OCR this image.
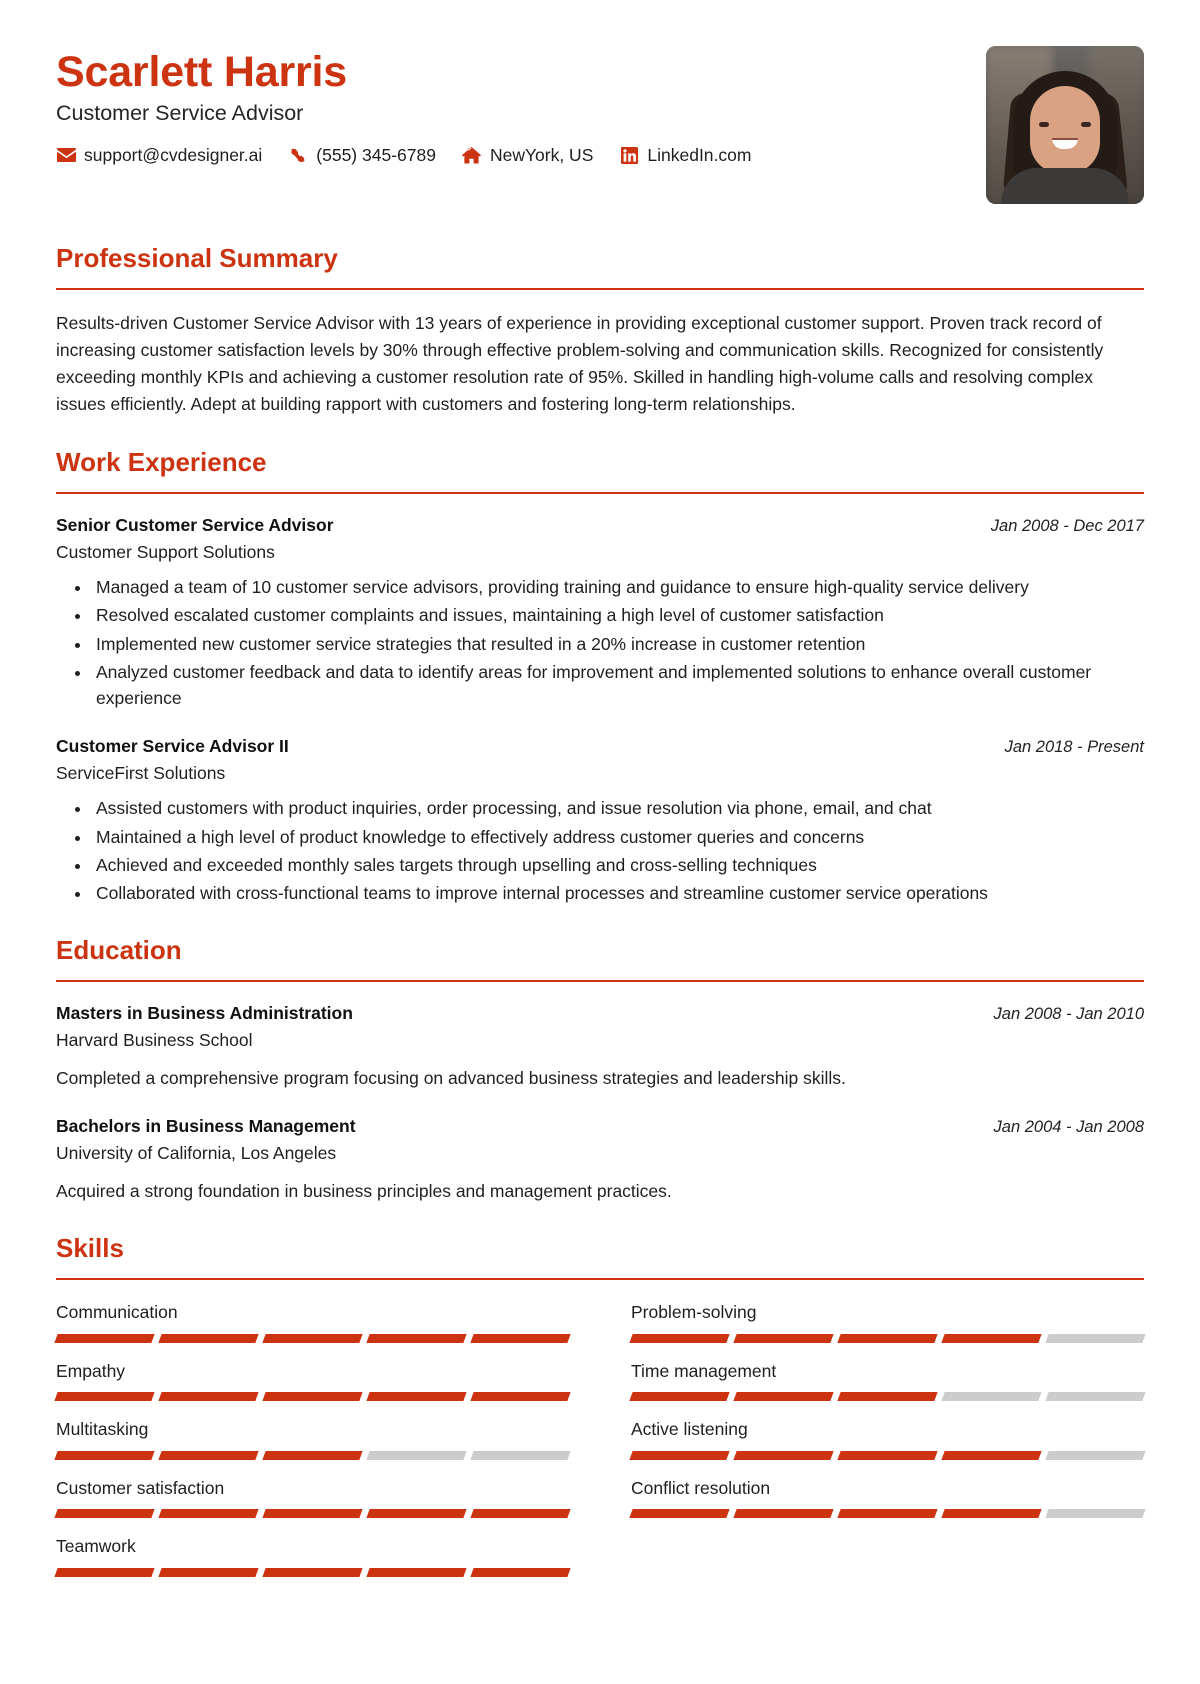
Scarlett Harris
Customer Service Advisor
support@cvdesigner.ai	(555) 345-6789	NewYork, US	LinkedIn.com
Professional Summary

Results-driven Customer Service Advisor with 13 years of experience in providing exceptional customer support. Proven track record of increasing customer satisfaction levels by 30% through effective problem-solving and communication skills. Recognized for consistently exceeding monthly KPIs and achieving a customer resolution rate of 95%. Skilled in handling high-volume calls and resolving complex issues efficiently. Adept at building rapport with customers and fostering long-term relationships.

Work Experience
Senior Customer Service Advisor	Jan 2008 - Dec 2017
Customer Support Solutions
• Managed a team of 10 customer service advisors, providing training and guidance to ensure high-quality service delivery
• Resolved escalated customer complaints and issues, maintaining a high level of customer satisfaction
• Implemented new customer service strategies that resulted in a 20% increase in customer retention
• Analyzed customer feedback and data to identify areas for improvement and implemented solutions to enhance overall customer experience
Customer Service Advisor II	Jan 2018 - Present
ServiceFirst Solutions
• Assisted customers with product inquiries, order processing, and issue resolution via phone, email, and chat
• Maintained a high level of product knowledge to effectively address customer queries and concerns
• Achieved and exceeded monthly sales targets through upselling and cross-selling techniques
• Collaborated with cross-functional teams to improve internal processes and streamline customer service operations
Education
Masters in Business Administration	Jan 2008 - Jan 2010
Harvard Business School
Completed a comprehensive program focusing on advanced business strategies and leadership skills.
Bachelors in Business Management	Jan 2004 - Jan 2008
University of California, Los Angeles
Acquired a strong foundation in business principles and management practices.
Skills
Communication	Problem-solving
Empathy	Time management
Multitasking	Active listening
Customer satisfaction	Conflict resolution
Teamwork
